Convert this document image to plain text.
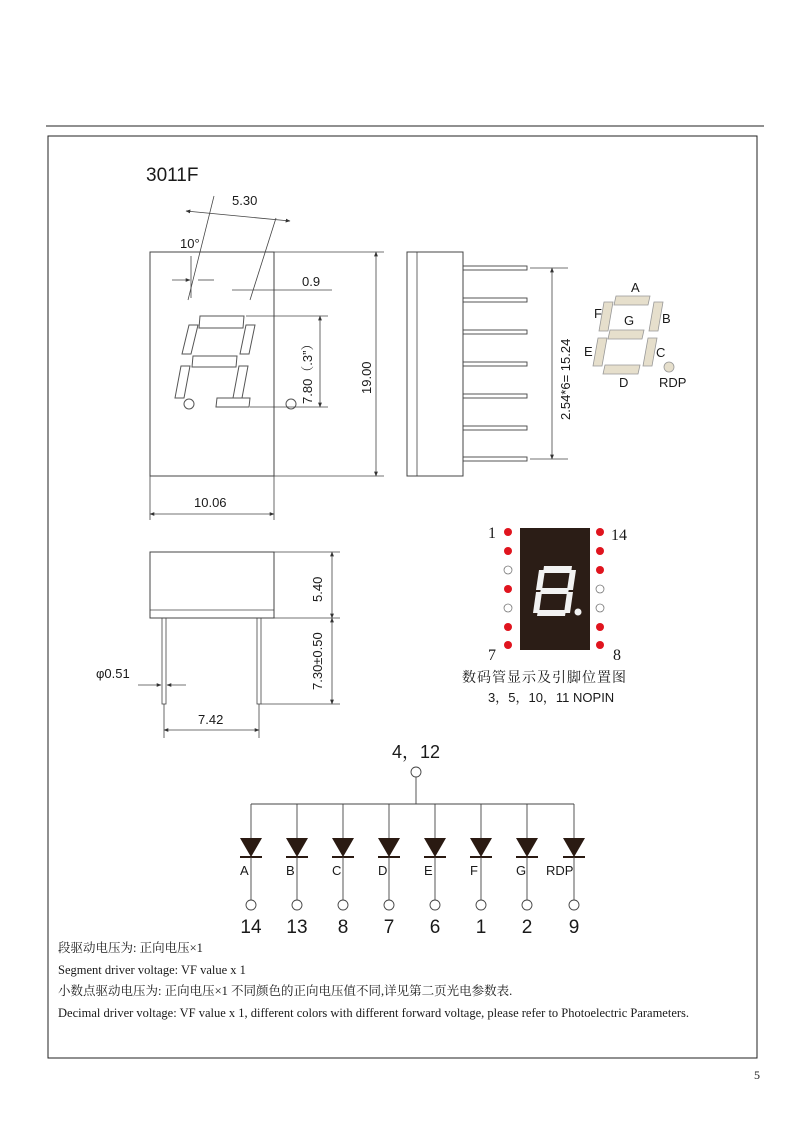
3011F
5.30
10°
0.9
7.80（.3”）	19.00
10.06
2.54*6= 15.24
A
B
C
D
E
F G
RDP
5.40
7.30±0.50
φ0.51
7.42
1	14
7	8
数码管显示及引脚位置图
3，5，10，11 NOPIN
4，12
A
14
B
13
C
8
D
7
E
6
F
1
G
2
RDP
9

段驱动电压为: 正向电压×1

Segment driver voltage: VF value x 1

小数点驱动电压为: 正向电压×1 不同颜色的正向电压值不同,详见第二页光电参数表.

Decimal driver voltage: VF value x 1, different colors with different forward voltage, please refer to Photoelectric Parameters.

5
